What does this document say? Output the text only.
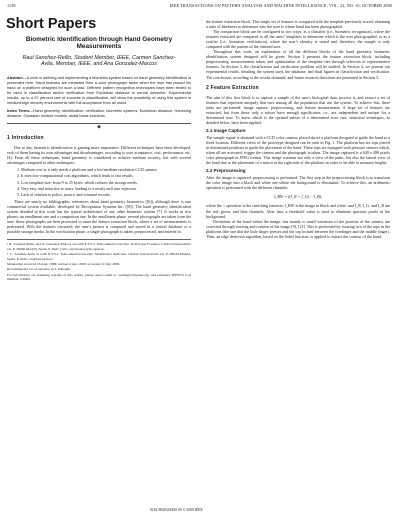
1158	IEEE TRANSACTIONS ON PATTERN ANALYSIS AND MACHINE INTELLIGENCE, VOL. 22, NO. 10, OCTOBER 2000
Short Papers
Biometric Identification through Hand Geometry Measurements
Raul Sanchez-Reillo, Student Member, IEEE, Carmen Sanchez-Avila, Member, IEEE, and Ana Gonzalez-Marcos
Abstract—A work in defining and implementing a biometric system based on hand geometry identification is presented here. Hand features are extracted from a color photograph taken when the user has placed his hand on a platform designed for such a task. Different pattern recognition techniques have been tested to be used in classification and/or verification from Euclidean distance to neural networks. Experimental results, up to a 97 percent rate of success in classification, will show the possibility of using this system in medium/high security environments with full acceptance from all users.
Index Terms—Hand geometry, identification, verification, biometric systems, Euclidean distance, Hamming distance, Gaussian mixture models, radial basis functions.
◆
1 Introduction

Due to day, biometric identification is gaining more importance. Different techniques have been developed, each of them having its own advantages and disadvantages, according to user acceptance, cost, performance, etc. [4]. From all these techniques, hand geometry is considered to achieve medium security, but with several advantages compared to other techniques:

1. Medium cost as it only needs a platform and a low/medium resolution CCD camera.
2. It uses low-computational cost algorithms, which leads to fast results.
3. Low template size: from 9 to 25 bytes, which reduces the storage needs.
4. Very easy and attractive to users: leading to a nearly null user rejection.
5. Lack of relation to police, justice, and criminal records.

There are nearly no bibliographic references about hand geometry biometrics ([6]), although there is one commercial system available, developed by Recognition Systems Inc. ([8]). The hand geometry identification system detailed in this work has the typical architecture of any other biometric system [7]. It works in two phases: an enrollment one and a comparison one. In the enrollment phase, several photographs are taken from the user; these photographs are then processed to enter the feature extraction block, where a set of measurements is performed. With the features extracted, the user's pattern is computed and stored in a central database or a portable storage media. In the verification phase, a single photograph is taken, preprocessed, and entered in

• R. Sanchez-Reillo and A. Gonzalez-Marcos are with E.T.S.I. Telecomunicacion-Dpt. Tecnologia Fotonica, Ciudad Universitaria s/n, E-28040-Madrid, Spain. E-mail: {rsllo, agonzalez}@tfo.upm.es.

• C. Sanchez-Avila is with E.T.S.I. Telecomunicacion-Dpt. Matematica Aplicada, Ciudad Universitaria s/n, E-28040-Madrid, Spain. E-mail: csa@mat.upm.es.

Manuscript received 16 Aug. 1999; revised 4 Apr. 2000; accepted 10 July 2000.

Recommended for acceptance by I. Dinstein.

For information on obtaining reprints of this article, please send e-mail to: tpami@computer.org, and reference IEEECS Log Number 110403.

the feature extraction block. This single set of features is compared with the template previously stored, obtaining a ratio of likeliness to determine who the user is whose hand has been photographed.

The comparison block can be configured in two ways: as a classifier (i.e., biometric recognition), where the features extracted are compared to all the users' templates to determine which is the user photographed, or as a verifier (i.e., biometric verification), where the user's identity is stated and, therefore, the sample is only compared with the pattern of the claimed user.

Throughout this work, an explanation of all the different blocks of the hand geometry biometric identification system designed will be given. Section 2 presents the feature extraction block, including preprocessing, measurements taken, and optimization of the template size through selection of representative features. In Section 3, the classification and verification problem will be studied. In Section 4, we present our experimental results, detailing the system used, the database, and final figures in classification and verification. The conclusion, according to the results obtained, and future research directions are presented in Section 5.

2 Feature Extraction

The aim of this first block is to capture a sample of the user's biological data, process it, and extract a set of features that represent uniquely that user among all the population that use the system. To achieve this, three tasks are performed: image capture, preprocessing, and feature measurement. A large set of features are extracted, but from these only a subset have enough significance, i.e., are independent and unique for a determined user. To know which is the optimal subset of a determined error rate, statistical techniques, as detailed below, have been applied.

2.1 Image Capture

The sample signal is obtained with a CCD color camera, placed above a platform designed to guide the hand to a fixed location. Different views of the prototype designed can be seen in Fig. 1. The platform has six tops placed in determined positions to guide the placement of the hand. These tops are equipped with pressure sensors which, when all are activated, trigger the camera and the photograph is taken. The image captured is a 640 x 480 pixels color photograph in JPEG format. This image contains not only a view of the palm, but also the lateral view of the hand due to the placement of a mirror in the right side of the platform in order to be able to measure heights.

2.2 Preprocessing

After the image is captured, preprocessing is performed. The first step in the preprocessing block is to transform the color image into a black and white one where the background is eliminated. To achieve this, an arithmetic operation is performed with the different channels:

I_BW = ((I_R + I_G) − I_B),

where the < operation is the stretching function, I_BW is the image in black and white, and I_R, I_G, and I_B are the red, green, and blue channels. After that, a threshold value is used to eliminate spurious pixels in the background.

Deviations of the hand within the image, due mainly to small variations of the position of the camera, are corrected through resizing and rotation of the image [9], [13]. This is performed by locating two of the tops in the platforms (the one that the little finger presses and the top located between the forefinger and the middle finger). Then, an edge detection algorithm, based on the Sobel function, is applied to extract the contour of the hand.

0162-8828/00/$10.00 © 2000 IEEE
